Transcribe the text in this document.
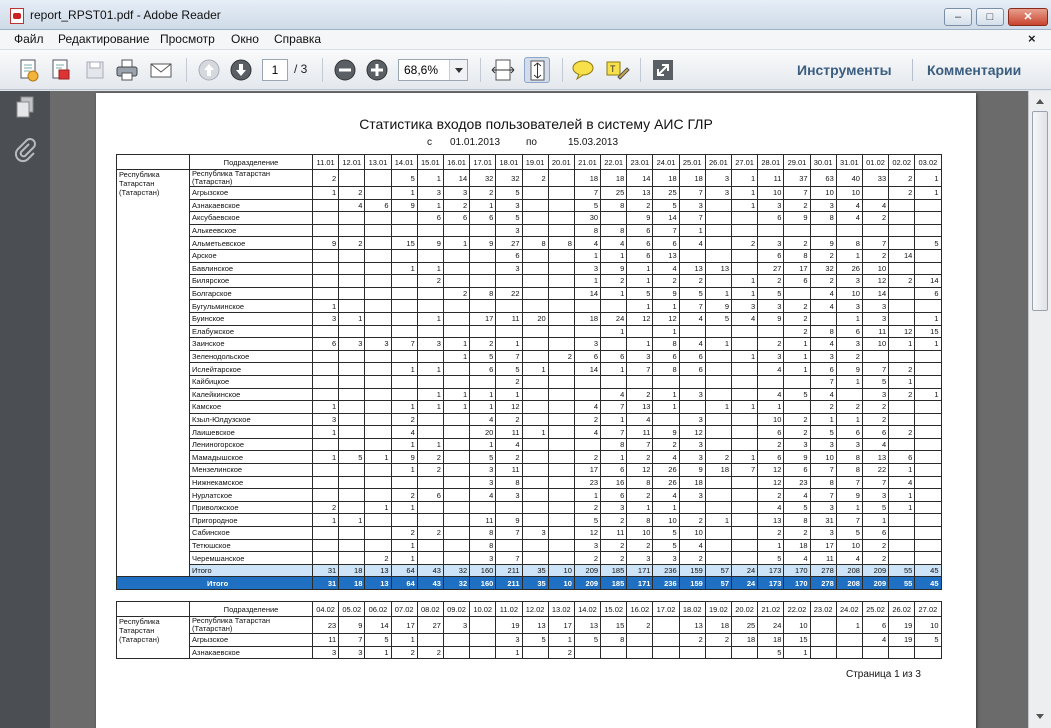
report_RPST01.pdf - Adobe Reader	–	□	✕
Файл Редактирование Просмотр Окно Справка	×
1	/ 3	68,6%	T	Инструменты	Комментарии
Статистика входов пользователей в систему АИС ГЛР
с 01.01.2013	по	15.03.2013
	Подразделение	11.01	12.01	13.01	14.01	15.01	16.01	17.01	18.01	19.01	20.01	21.01	22.01	23.01	24.01	25.01	26.01	27.01	28.01	29.01	30.01	31.01	01.02	02.02	03.02
Республика Татарстан (Татарстан)	Республика Татарстан (Татарстан)	2			5	1	14	32	32	2		18	18	14	18	18	3	1	11	37	63	40	33	2	1
	Агрызское	1	2		1	3	3	2	5			7	25	13	25	7	3	1	10	7	10	10		2	1
	Азнакаевское		4	6	9	1	2	1	3			5	8	2	5	3		1	3	2	3	4	4		
	Аксубаевское					6	6	6	5			30		9	14	7			6	9	8	4	2		
	Алькеевское								3			8	8	6	7	1									
	Альметьевское	9	2		15	9	1	9	27	8	8	4	4	6	6	4		2	3	2	9	8	7		5
	Арское								6			1	1	6	13				6	8	2	1	2	14	
	Бавлинское				1	1			3			3	9	1	4	13	13		27	17	32	26	10		
	Билярское					2						1	2	1	2	2		1	2	6	2	3	12	2	14
	Болгарское						2	8	22			14	1	5	9	5	1	1	5		4	10	14		6
	Бугульминское	1												1	1	7	9	3	3	2	4	3	3		
	Буинское	3	1			1		17	11	20		18	24	12	12	4	5	4	9	2		1	3		1
	Елабужское												1		1					2	8	6	11	12	15
	Заинское	6	3	3	7	3	1	2	1			3		1	8	4	1		2	1	4	3	10	1	1
	Зеленодольское						1	5	7		2	6	6	3	6	6		1	3	1	3	2			
	Ислейтарское				1	1		6	5	1		14	1	7	8	6			4	1	6	9	7	2	
	Кайбицкое								2												7	1	5	1	
	Калейкинское					1	1	1	1				4	2	1	3			4	5	4		3	2	1
	Камское	1			1	1	1	1	12			4	7	13	1		1	1	1		2	2	2		
	Кзыл-Юлдузское	3			2			4	2			2	1	4		3			10	2	1	1	2		
	Лаишевское	1			4			20	11	1		4	7	11	9	12			6	2	5	6	6	2	
	Лениногорское				1	1		1	4				8	7	2	3			2	3	3	3	4		
	Мамадышское	1	5	1	9	2		5	2			2	1	2	4	3	2	1	6	9	10	8	13	6	
	Мензелинское				1	2		3	11			17	6	12	26	9	18	7	12	6	7	8	22	1	
	Нижнекамское							3	8			23	16	8	26	18			12	23	8	7	7	4	
	Нурлатское				2	6		4	3			1	6	2	4	3			2	4	7	9	3	1	
	Приволжское	2		1	1							2	3	1	1				4	5	3	1	5	1	
	Пригородное	1	1					11	9			5	2	8	10	2	1		13	8	31	7	1		
	Сабинское				2	2		8	7	3		12	11	10	5	10			2	2	3	5	6		
	Тетюшское				1			8				3	2	2	5	4			1	18	17	10	2		
	Черемшанское			2	1			3	7			2	2	3	3	2			5	4	11	4	2		
	Итого	31	18	13	64	43	32	160	211	35	10	209	185	171	236	159	57	24	173	170	278	208	209	55	45
Итого		31	18	13	64	43	32	160	211	35	10	209	185	171	236	159	57	24	173	170	278	208	209	55	45
	Подразделение	04.02	05.02	06.02	07.02	08.02	09.02	10.02	11.02	12.02	13.02	14.02	15.02	16.02	17.02	18.02	19.02	20.02	21.02	22.02	23.02	24.02	25.02	26.02	27.02
Республика Татарстан (Татарстан)	Республика Татарстан (Татарстан)	23	9	14	17	27	3		19	13	17	13	15	2		13	18	25	24	10		1	6	19	10
	Агрызское	11	7	5	1				3	5	1	5	8			2	2	18	18	15			4	19	5
	Азнакаевское	3	3	1	2	2			1		2								5	1					
Страница 1 из 3
